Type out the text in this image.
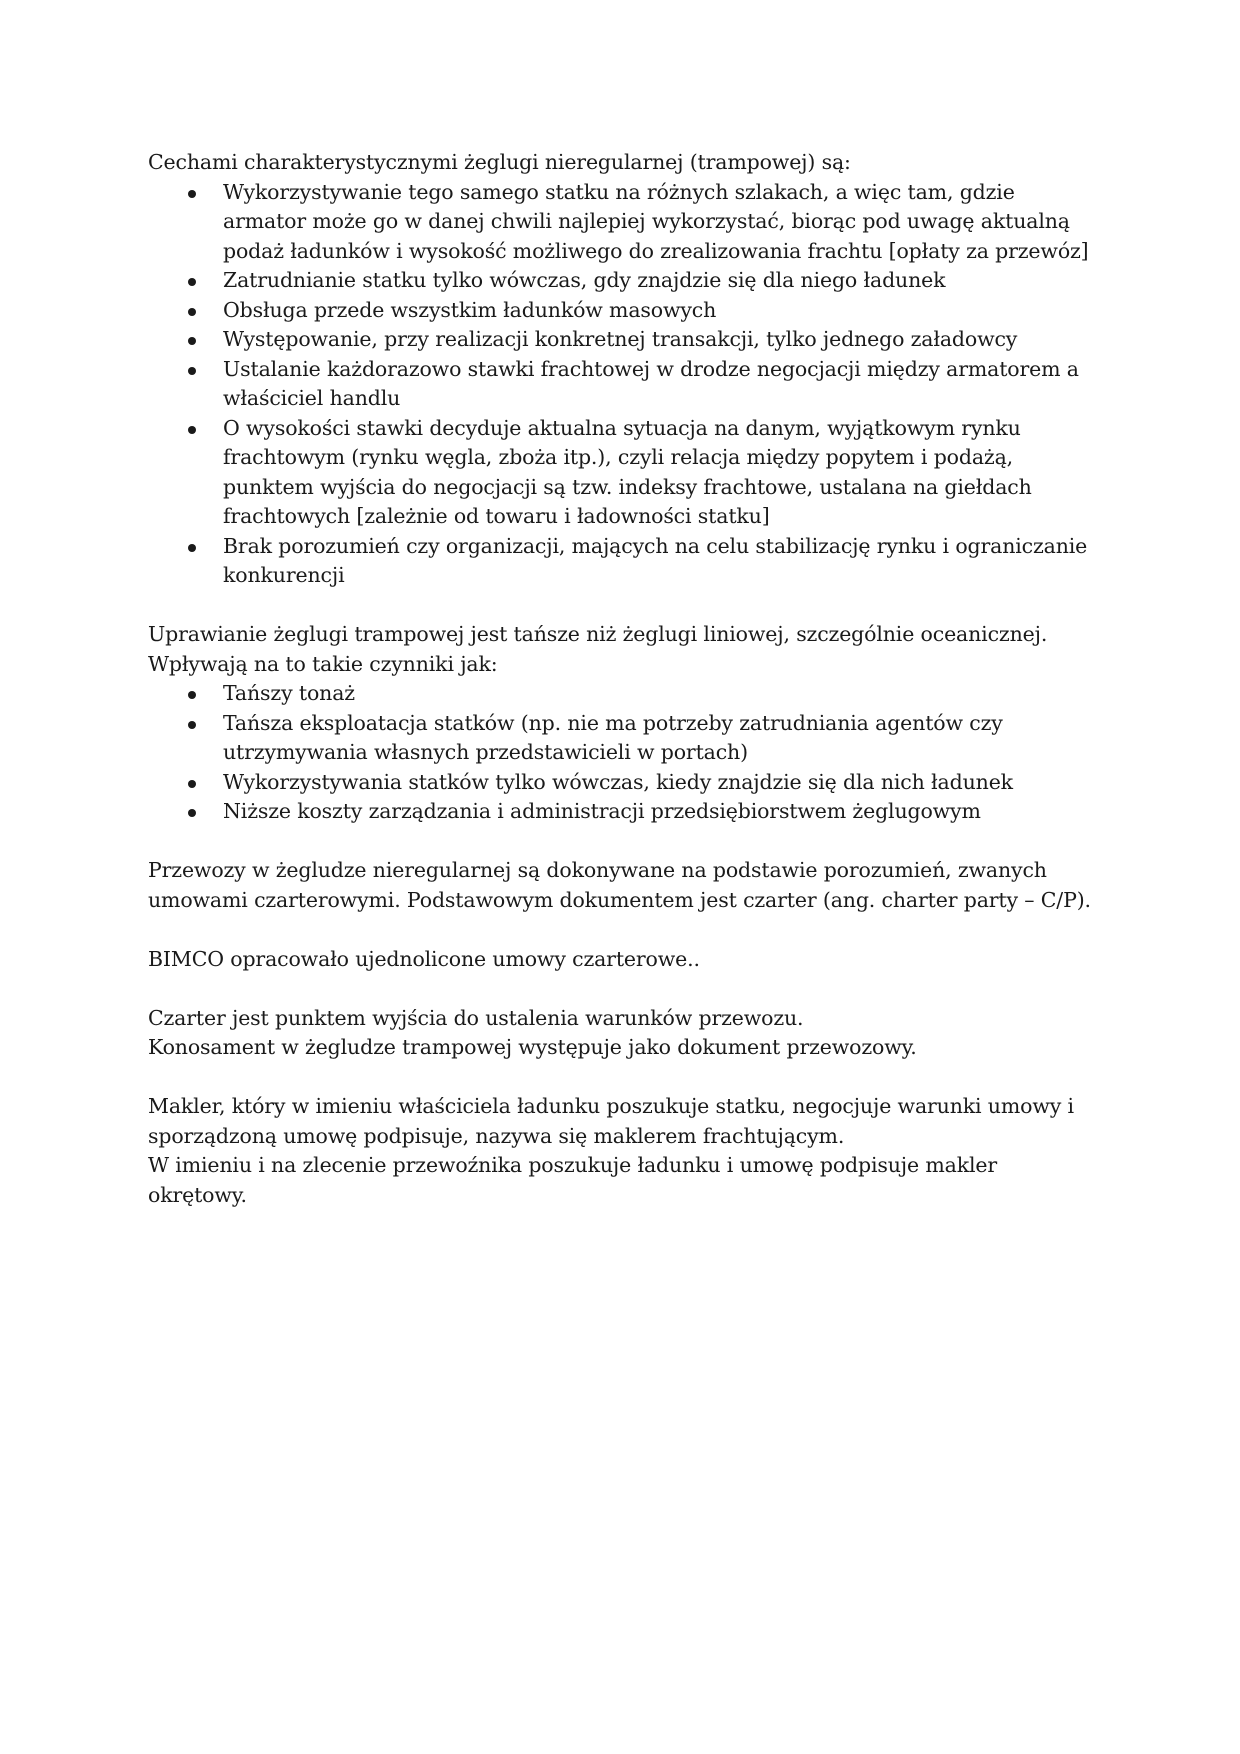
Cechami charakterystycznymi żeglugi nieregularnej (trampowej) są:

Wykorzystywanie tego samego statku na różnych szlakach, a więc tam, gdzie armator może go w danej chwili najlepiej wykorzystać, biorąc pod uwagę aktualną podaż ładunków i wysokość możliwego do zrealizowania frachtu [opłaty za przewóz]
Zatrudnianie statku tylko wówczas, gdy znajdzie się dla niego ładunek
Obsługa przede wszystkim ładunków masowych
Występowanie, przy realizacji konkretnej transakcji, tylko jednego załadowcy
Ustalanie każdorazowo stawki frachtowej w drodze negocjacji między armatorem a właściciel handlu
O wysokości stawki decyduje aktualna sytuacja na danym, wyjątkowym rynku frachtowym (rynku węgla, zboża itp.), czyli relacja między popytem i podażą, punktem wyjścia do negocjacji są tzw. indeksy frachtowe, ustalana na giełdach frachtowych [zależnie od towaru i ładowności statku]
Brak porozumień czy organizacji, mających na celu stabilizację rynku i ograniczanie konkurencji

Uprawianie żeglugi trampowej jest tańsze niż żeglugi liniowej, szczególnie oceanicznej.

Wpływają na to takie czynniki jak:

Tańszy tonaż
Tańsza eksploatacja statków (np. nie ma potrzeby zatrudniania agentów czy utrzymywania własnych przedstawicieli w portach)
Wykorzystywania statków tylko wówczas, kiedy znajdzie się dla nich ładunek
Niższe koszty zarządzania i administracji przedsiębiorstwem żeglugowym

Przewozy w żegludze nieregularnej są dokonywane na podstawie porozumień, zwanych umowami czarterowymi. Podstawowym dokumentem jest czarter (ang. charter party – C/P).

BIMCO opracowało ujednolicone umowy czarterowe..

Czarter jest punktem wyjścia do ustalenia warunków przewozu.

Konosament w żegludze trampowej występuje jako dokument przewozowy.

Makler, który w imieniu właściciela ładunku poszukuje statku, negocjuje warunki umowy i sporządzoną umowę podpisuje, nazywa się maklerem frachtującym.

W imieniu i na zlecenie przewoźnika poszukuje ładunku i umowę podpisuje makler okrętowy.
